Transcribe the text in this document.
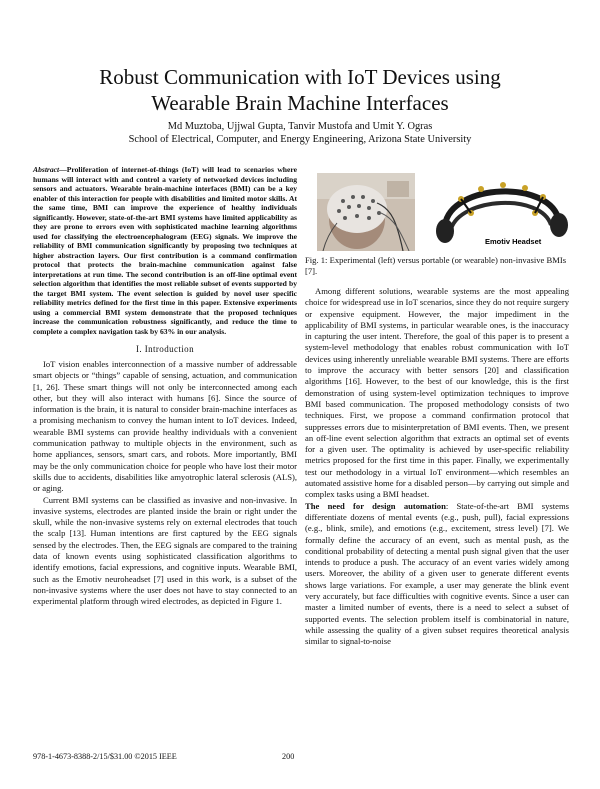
Robust Communication with IoT Devices using
Wearable Brain Machine Interfaces
Md Muztoba, Ujjwal Gupta, Tanvir Mustofa and Umit Y. Ogras
School of Electrical, Computer, and Energy Engineering, Arizona State University

Abstract—Proliferation of internet-of-things (IoT) will lead to scenarios where humans will interact with and control a variety of networked devices including sensors and actuators. Wearable brain-machine interfaces (BMI) can be a key enabler of this interaction for people with disabilities and limited motor skills. At the same time, BMI can improve the experience of healthy individuals significantly. However, state-of-the-art BMI systems have limited applicability as they are prone to errors even with sophisticated machine learning algorithms used for classifying the electroencephalogram (EEG) signals. We improve the reliability of BMI communication significantly by proposing two techniques at higher abstraction layers. Our first contribution is a command confirmation protocol that protects the brain-machine communication against false interpretations at run time. The second contribution is an off-line optimal event selection algorithm that identifies the most reliable subset of events supported by the target BMI system. The event selection is guided by novel user specific reliability metrics defined for the first time in this paper. Extensive experiments using a commercial BMI system demonstrate that the proposed techniques increase the communication robustness significantly, and reduce the time to complete a complex navigation task by 63% in our analysis.

I. Introduction

IoT vision enables interconnection of a massive number of addressable smart objects or “things” capable of sensing, actuation, and communication [1, 26]. These smart things will not only be interconnected among each other, but they will also interact with humans [6]. Since the source of information is the brain, it is natural to consider brain-machine interfaces as a promising mechanism to convey the human intent to IoT devices. Indeed, wearable BMI systems can provide healthy individuals with a convenient communication pathway to multiple objects in the environment, such as home appliances, sensors, smart cars, and robots. More importantly, BMI may be the only communication choice for people who have lost their motor skills due to accidents, disabilities like amyotrophic lateral sclerosis (ALS), or aging.

Current BMI systems can be classified as invasive and non-invasive. In invasive systems, electrodes are planted inside the brain or right under the skull, while the non-invasive systems rely on external electrodes that touch the scalp [13]. Human intentions are first captured by the EEG signals sensed by the electrodes. Then, the EEG signals are compared to the training data of known events using sophisticated classification algorithms to identify emotions, facial expressions, and cognitive inputs. Wearable BMI, such as the Emotiv neuroheadset [7] used in this work, is a subset of the non-invasive systems where the user does not have to stay connected to an experimental platform through wired electrodes, as depicted in Figure 1.

Emotiv Headset

Fig. 1: Experimental (left) versus portable (or wearable) non-invasive BMIs [7].

Among different solutions, wearable systems are the most appealing choice for widespread use in IoT scenarios, since they do not require surgery or expensive equipment. However, the major impediment in the applicability of BMI systems, in particular wearable ones, is the inaccuracy in capturing the user intent. Therefore, the goal of this paper is to present a system-level methodology that enables robust communication with IoT devices using inherently unreliable wearable BMI systems. There are efforts to improve the accuracy with better sensors [20] and classification algorithms [16]. However, to the best of our knowledge, this is the first demonstration of using system-level optimization techniques to improve BMI based communication. The proposed methodology consists of two techniques. First, we propose a command confirmation protocol that suppresses errors due to misinterpretation of BMI events. Then, we present an off-line event selection algorithm that extracts an optimal set of events for a given user. The optimality is achieved by user-specific reliability metrics proposed for the first time in this paper. Finally, we experimentally test our methodology in a virtual IoT environment—which resembles an automated assistive home for a disabled person—by carrying out simple and complex tasks using a BMI headset.

The need for design automation: State-of-the-art BMI systems differentiate dozens of mental events (e.g., push, pull), facial expressions (e.g., blink, smile), and emotions (e.g., excitement, stress level) [7]. We formally define the accuracy of an event, such as mental push, as the conditional probability of detecting a mental push signal given that the user intends to produce a push. The accuracy of an event varies widely among users. Moreover, the ability of a given user to generate different events shows large variations. For example, a user may generate the blink event very accurately, but face difficulties with cognitive events. Since a user can master a limited number of events, there is a need to select a subset of supported events. The selection problem itself is combinatorial in nature, while assessing the quality of a given subset requires theoretical analysis similar to signal-to-noise

978-1-4673-8388-2/15/$31.00 ©2015 IEEE	200
